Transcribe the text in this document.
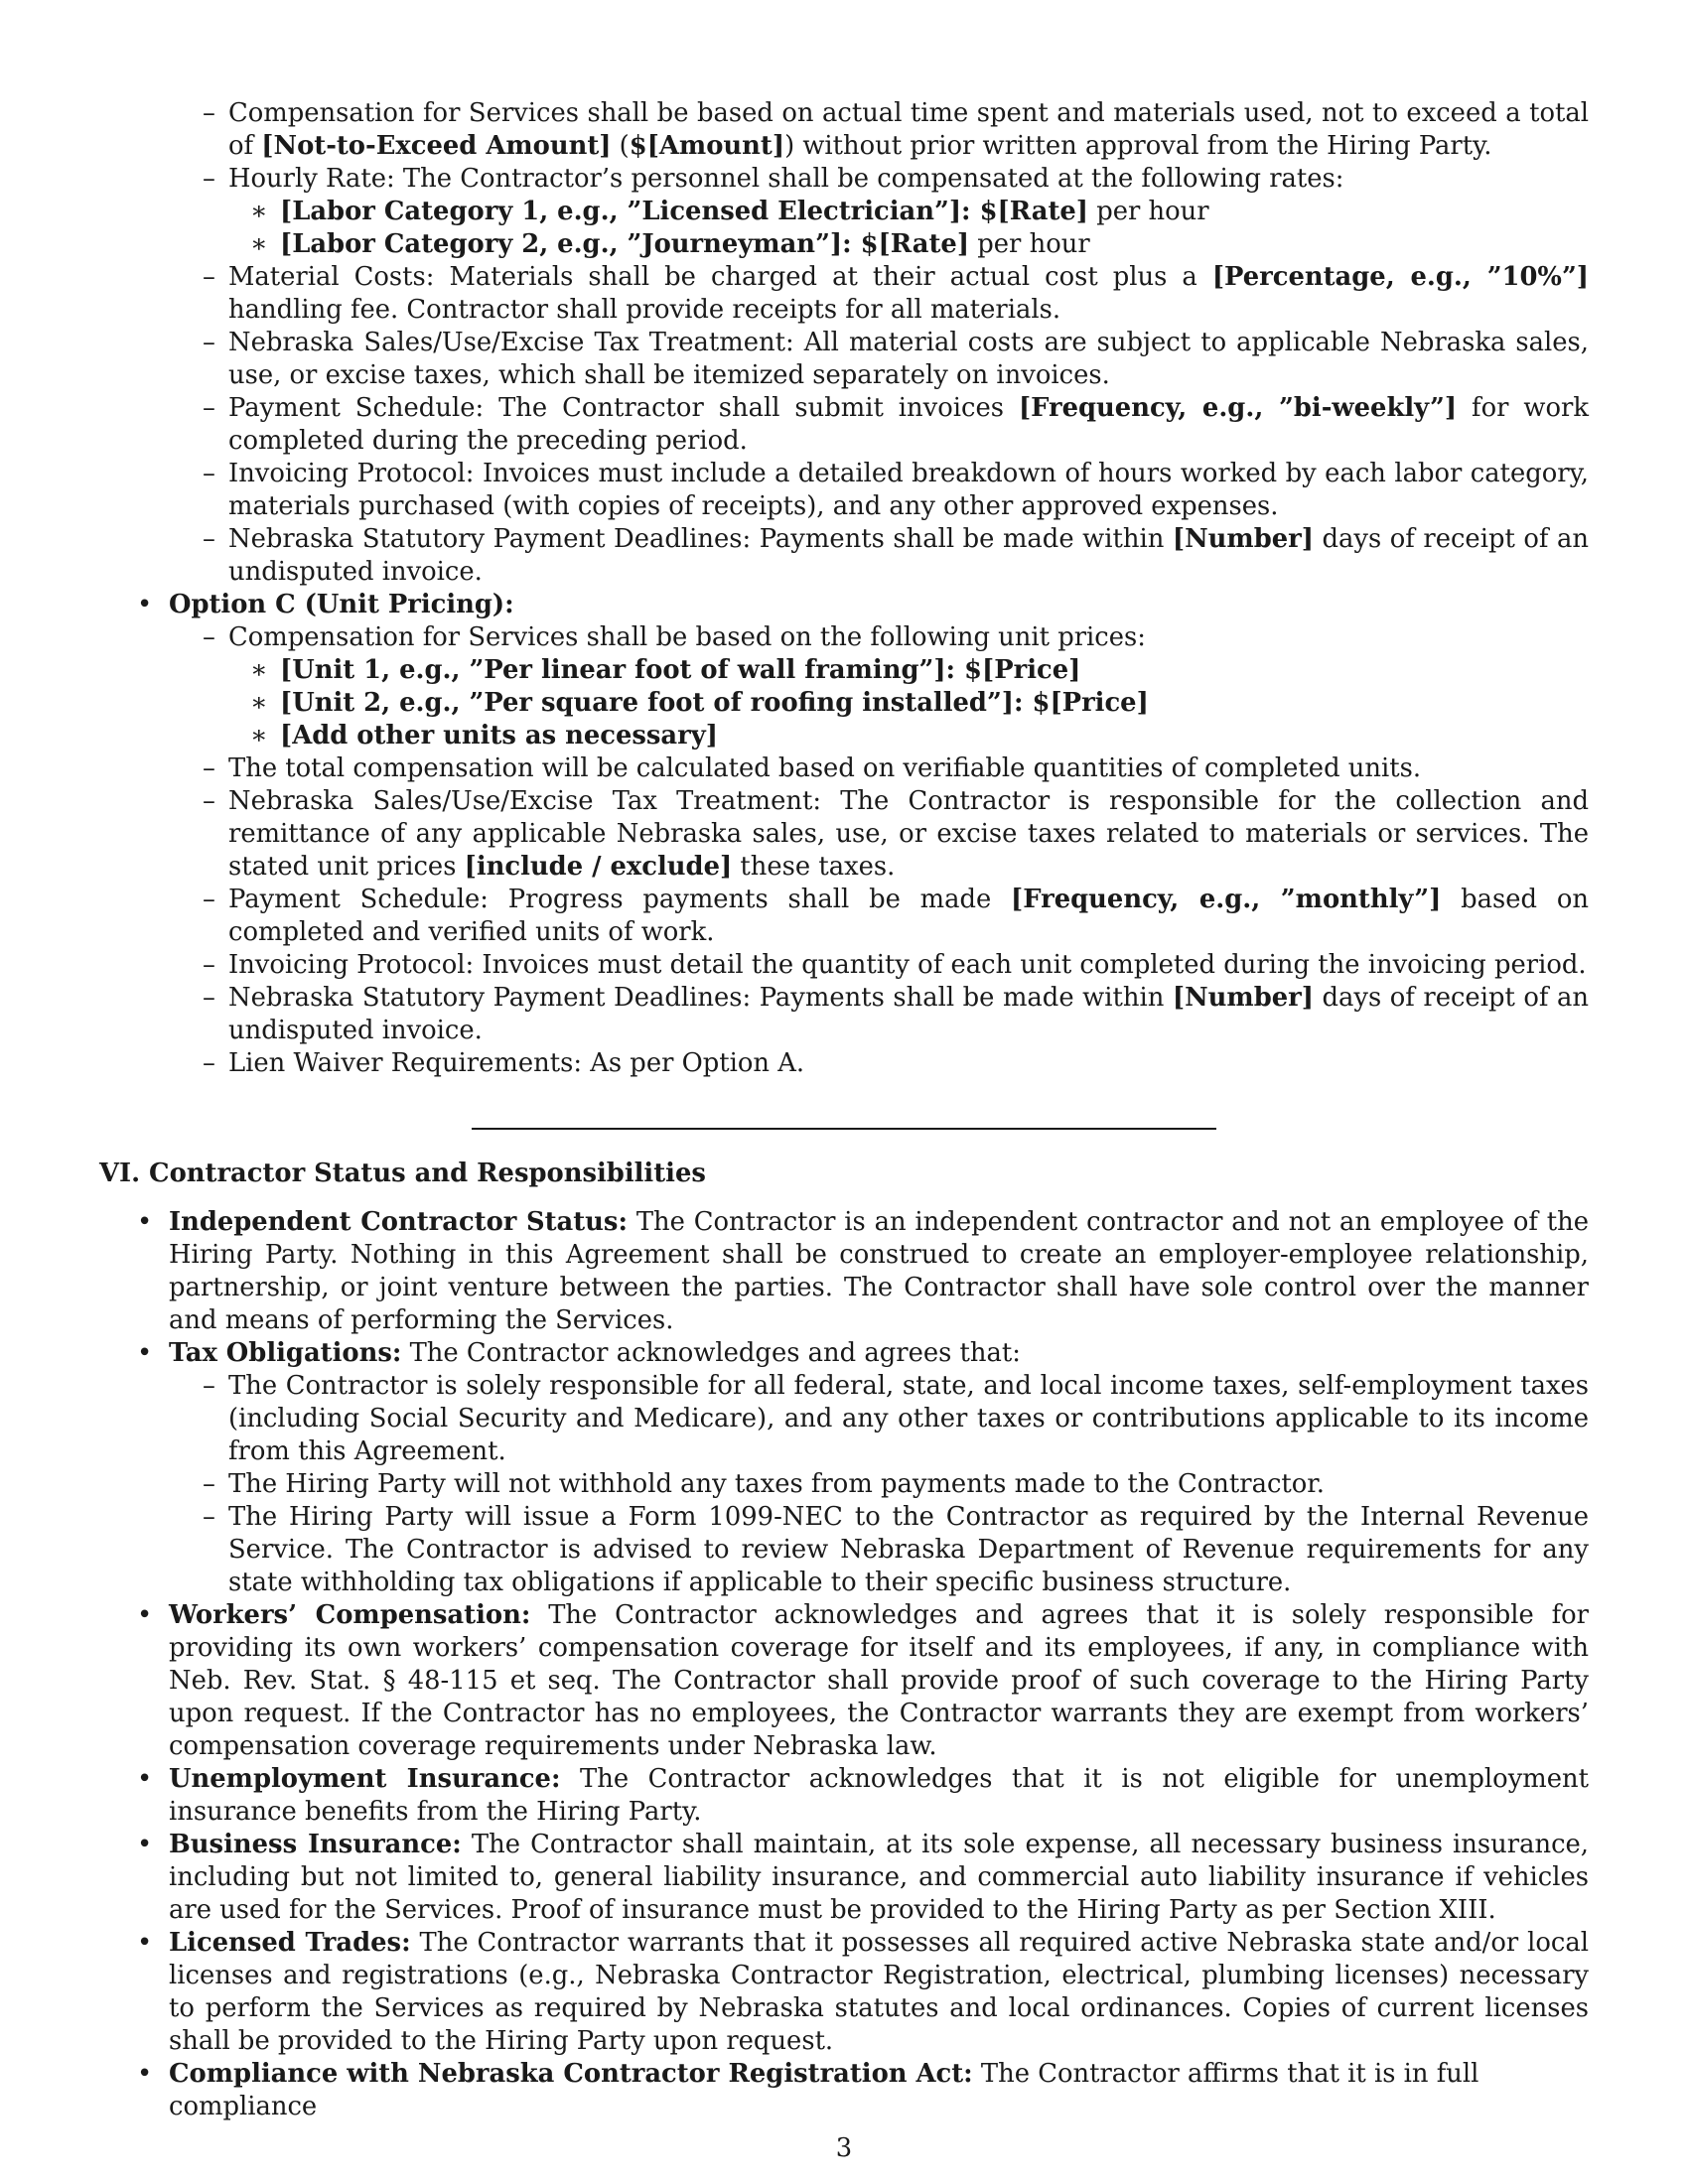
– Compensation for Services shall be based on actual time spent and materials used, not to exceed a total of [Not-to-Exceed Amount] ($[Amount]) without prior written approval from the Hiring Party.
– Hourly Rate: The Contractor’s personnel shall be compensated at the following rates:
∗ [Labor Category 1, e.g., ”Licensed Electrician”]: $[Rate] per hour
∗ [Labor Category 2, e.g., ”Journeyman”]: $[Rate] per hour
– Material Costs: Materials shall be charged at their actual cost plus a [Percentage, e.g., ”10%”] handling fee. Contractor shall provide receipts for all materials.
– Nebraska Sales/Use/Excise Tax Treatment: All material costs are subject to applicable Nebraska sales, use, or excise taxes, which shall be itemized separately on invoices.
– Payment Schedule: The Contractor shall submit invoices [Frequency, e.g., ”bi-weekly”] for work completed during the preceding period.
– Invoicing Protocol: Invoices must include a detailed breakdown of hours worked by each labor category, materials purchased (with copies of receipts), and any other approved expenses.
– Nebraska Statutory Payment Deadlines: Payments shall be made within [Number] days of receipt of an undisputed invoice.
• Option C (Unit Pricing):
– Compensation for Services shall be based on the following unit prices:
∗ [Unit 1, e.g., ”Per linear foot of wall framing”]: $[Price]
∗ [Unit 2, e.g., ”Per square foot of roofing installed”]: $[Price]
∗ [Add other units as necessary]
– The total compensation will be calculated based on verifiable quantities of completed units.
– Nebraska Sales/Use/Excise Tax Treatment: The Contractor is responsible for the collection and remittance of any applicable Nebraska sales, use, or excise taxes related to materials or services. The stated unit prices [include / exclude] these taxes.
– Payment Schedule: Progress payments shall be made [Frequency, e.g., ”monthly”] based on completed and verified units of work.
– Invoicing Protocol: Invoices must detail the quantity of each unit completed during the invoicing period.
– Nebraska Statutory Payment Deadlines: Payments shall be made within [Number] days of receipt of an undisputed invoice.
– Lien Waiver Requirements: As per Option A.
VI. Contractor Status and Responsibilities
• Independent Contractor Status: The Contractor is an independent contractor and not an employee of the Hiring Party. Nothing in this Agreement shall be construed to create an employer-employee relationship, partnership, or joint venture between the parties. The Contractor shall have sole control over the manner and means of performing the Services.
• Tax Obligations: The Contractor acknowledges and agrees that:
– The Contractor is solely responsible for all federal, state, and local income taxes, self-employment taxes (including Social Security and Medicare), and any other taxes or contributions applicable to its income from this Agreement.
– The Hiring Party will not withhold any taxes from payments made to the Contractor.
– The Hiring Party will issue a Form 1099-NEC to the Contractor as required by the Internal Revenue Service. The Contractor is advised to review Nebraska Department of Revenue requirements for any state withholding tax obligations if applicable to their specific business structure.
• Workers’ Compensation: The Contractor acknowledges and agrees that it is solely responsible for providing its own workers’ compensation coverage for itself and its employees, if any, in compliance with Neb. Rev. Stat. § 48-115 et seq. The Contractor shall provide proof of such coverage to the Hiring Party upon request. If the Contractor has no employees, the Contractor warrants they are exempt from workers’ compensation coverage requirements under Nebraska law.
• Unemployment Insurance: The Contractor acknowledges that it is not eligible for unemployment insurance benefits from the Hiring Party.
• Business Insurance: The Contractor shall maintain, at its sole expense, all necessary business insurance, including but not limited to, general liability insurance, and commercial auto liability insurance if vehicles are used for the Services. Proof of insurance must be provided to the Hiring Party as per Section XIII.
• Licensed Trades: The Contractor warrants that it possesses all required active Nebraska state and/or local licenses and registrations (e.g., Nebraska Contractor Registration, electrical, plumbing licenses) necessary to perform the Services as required by Nebraska statutes and local ordinances. Copies of current licenses shall be provided to the Hiring Party upon request.
• Compliance with Nebraska Contractor Registration Act: The Contractor affirms that it is in full compliance
3
